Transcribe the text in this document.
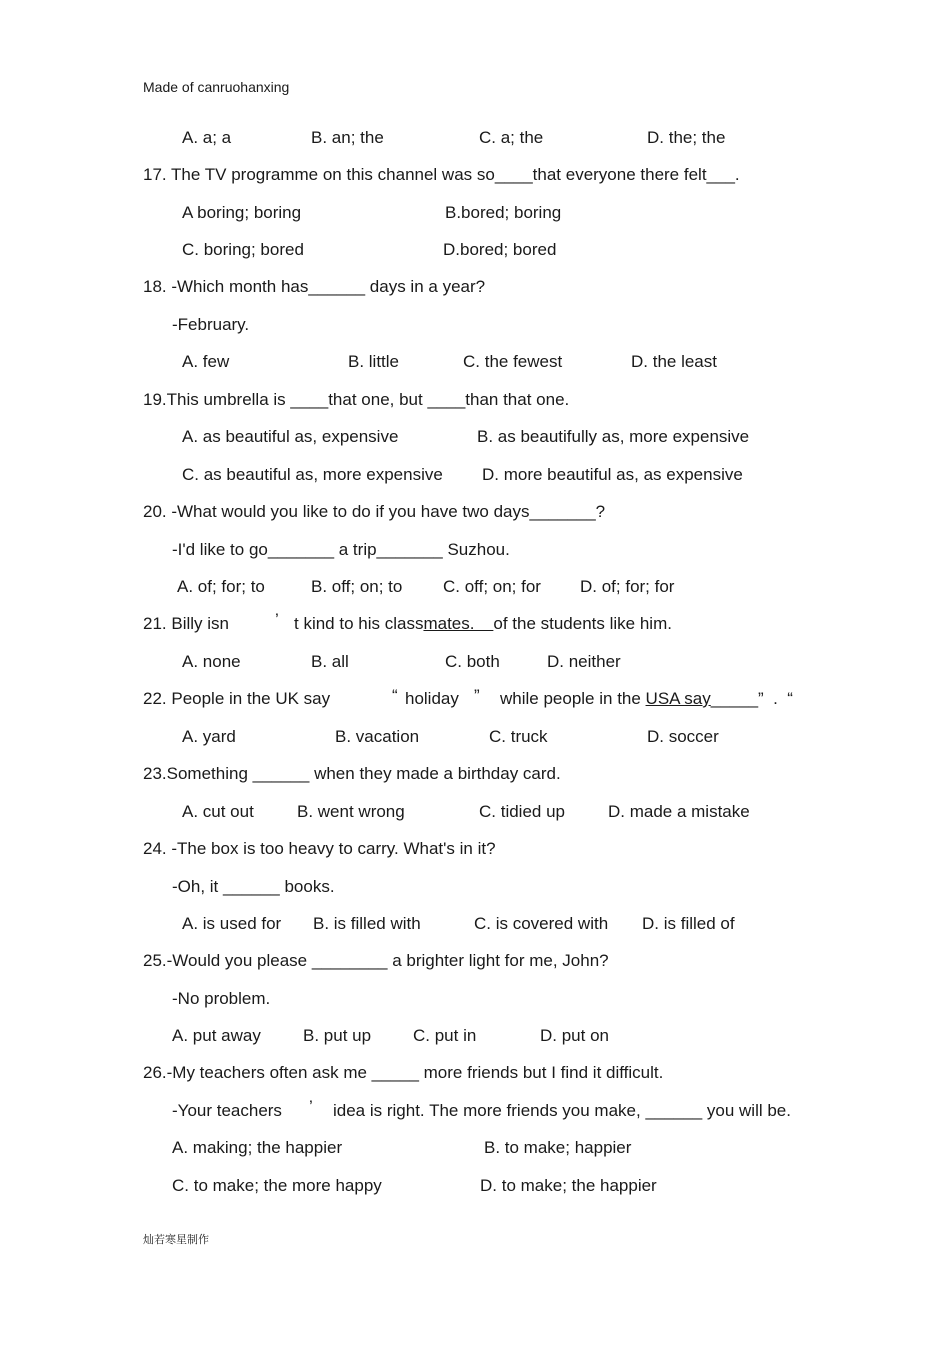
Made of canruohanxing
A. a; a	B. an; the	C. a; the	D. the; the
17. The TV programme on this channel was so____that everyone there felt___.
A boring; boring	B.bored; boring
C. boring; bored	D.bored; bored
18. -Which month has______ days in a year?
-February.
A. few	B. little	C. the fewest	D. the least
19.This umbrella is ____that one, but ____than that one.
A. as beautiful as, expensive	B. as beautifully as, more expensive
C. as beautiful as, more expensive D. more beautiful as, as expensive
20. -What would you like to do if you have two days_______?
-I'd like to go_______ a trip_______ Suzhou.
A. of; for; to	B. off; on; to C. off; on; for D. of; for; for
21. Billy isn	’ t kind to his classmates.    of the students like him.
A. none	B. all	C. both	D. neither
22. People in the UK say	“ holiday ” while people in the USA say_____”  .  “
A. yard	B. vacation	C. truck	D. soccer
23.Something ______ when they made a birthday card.
A. cut out	B. went wrong	C. tidied up	D. made a mistake
24. -The box is too heavy to carry. What's in it?
-Oh, it ______ books.
A. is used for B. is filled with	C. is covered with D. is filled of
25.-Would you please ________ a brighter light for me, John?
-No problem.
A. put away B. put up C. put in	D. put on
26.-My teachers often ask me _____ more friends but I find it difficult.
-Your teachers ’ idea is right. The more friends you make, ______ you will be.
A. making; the happier	B. to make; happier
C. to make; the more happy	D. to make; the happier
灿若寒星制作
